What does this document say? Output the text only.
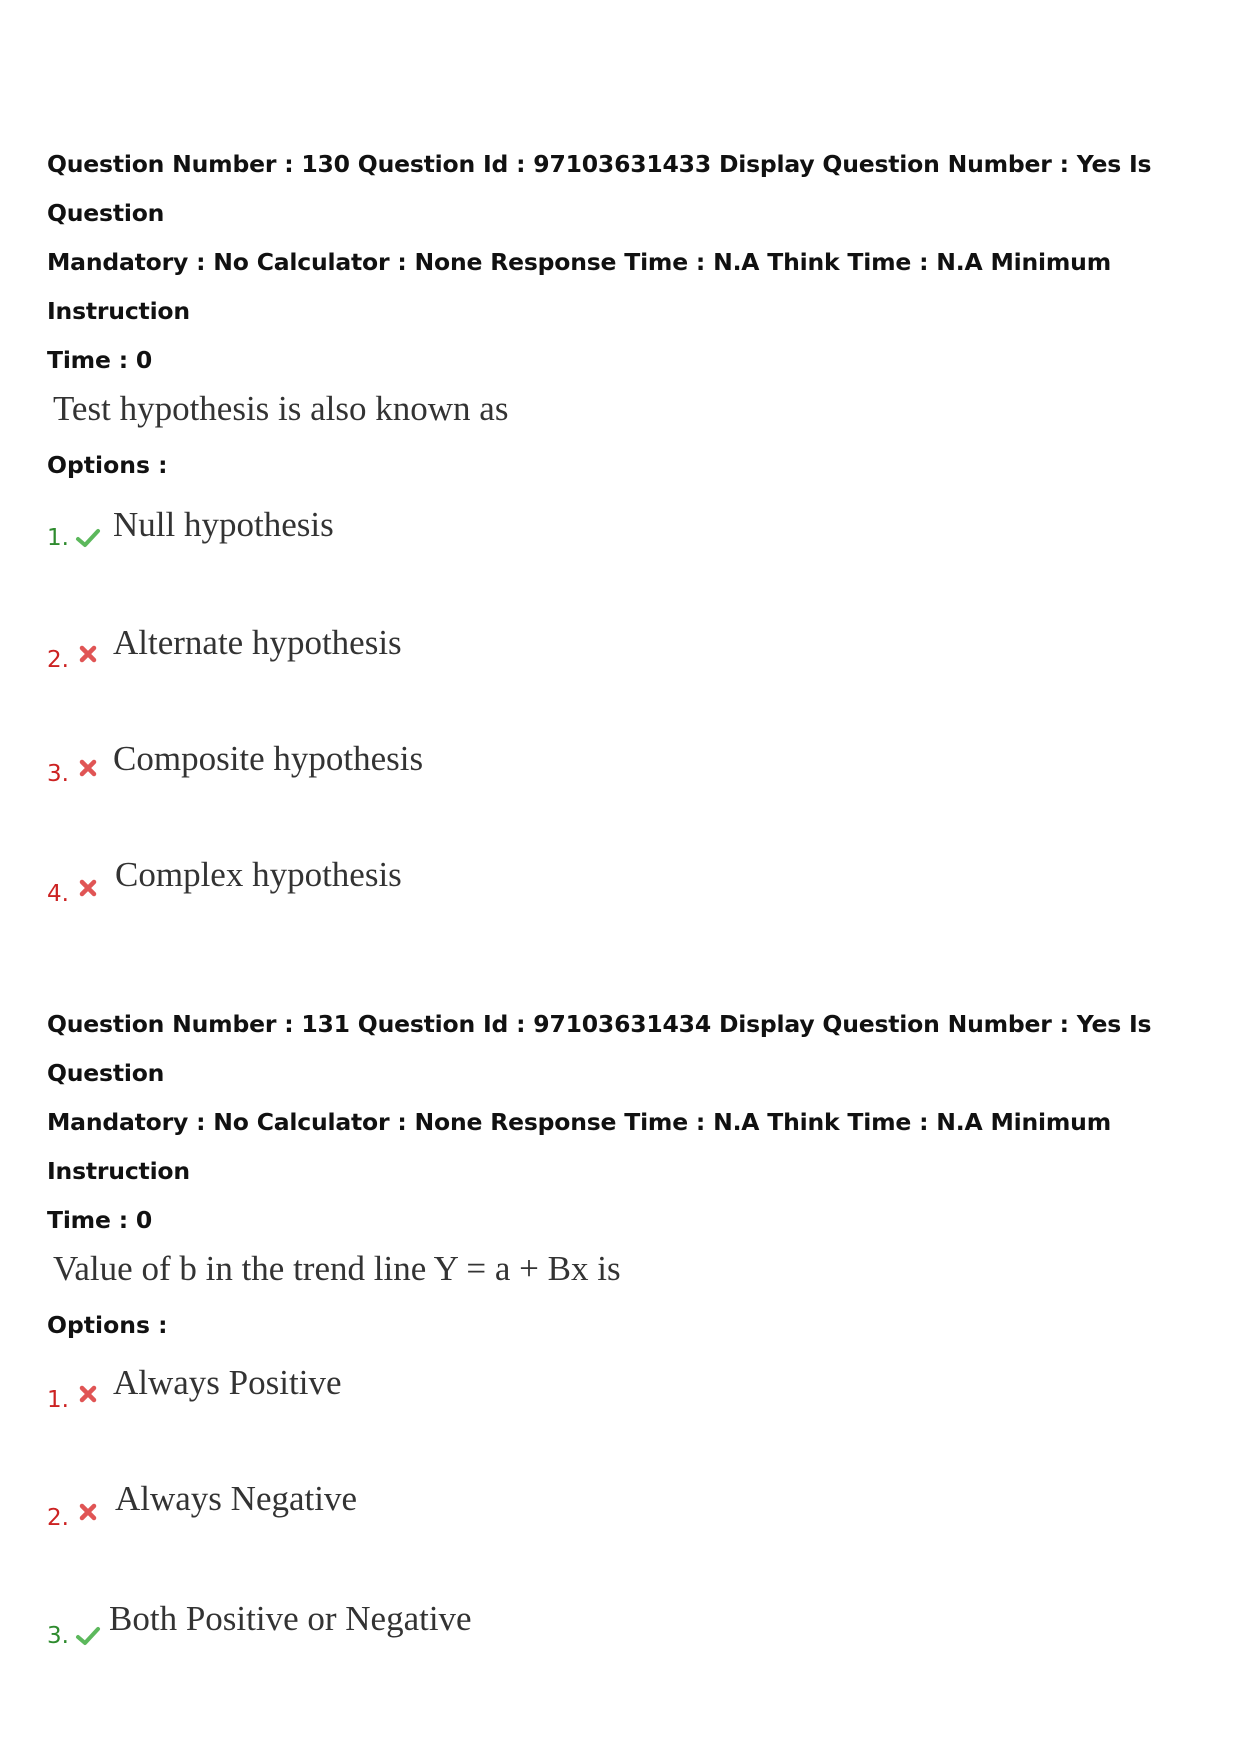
Question Number : 130 Question Id : 97103631433 Display Question Number : Yes Is Question

Mandatory : No Calculator : None Response Time : N.A Think Time : N.A Minimum Instruction

Time : 0

Test hypothesis is also known as
Options :
1. Null hypothesis
2. Alternate hypothesis
3. Composite hypothesis
4. Complex hypothesis

Question Number : 131 Question Id : 97103631434 Display Question Number : Yes Is Question

Mandatory : No Calculator : None Response Time : N.A Think Time : N.A Minimum Instruction

Time : 0

Value of b in the trend line Y = a + Bx is
Options :
1. Always Positive
2. Always Negative
3. Both Positive or Negative
